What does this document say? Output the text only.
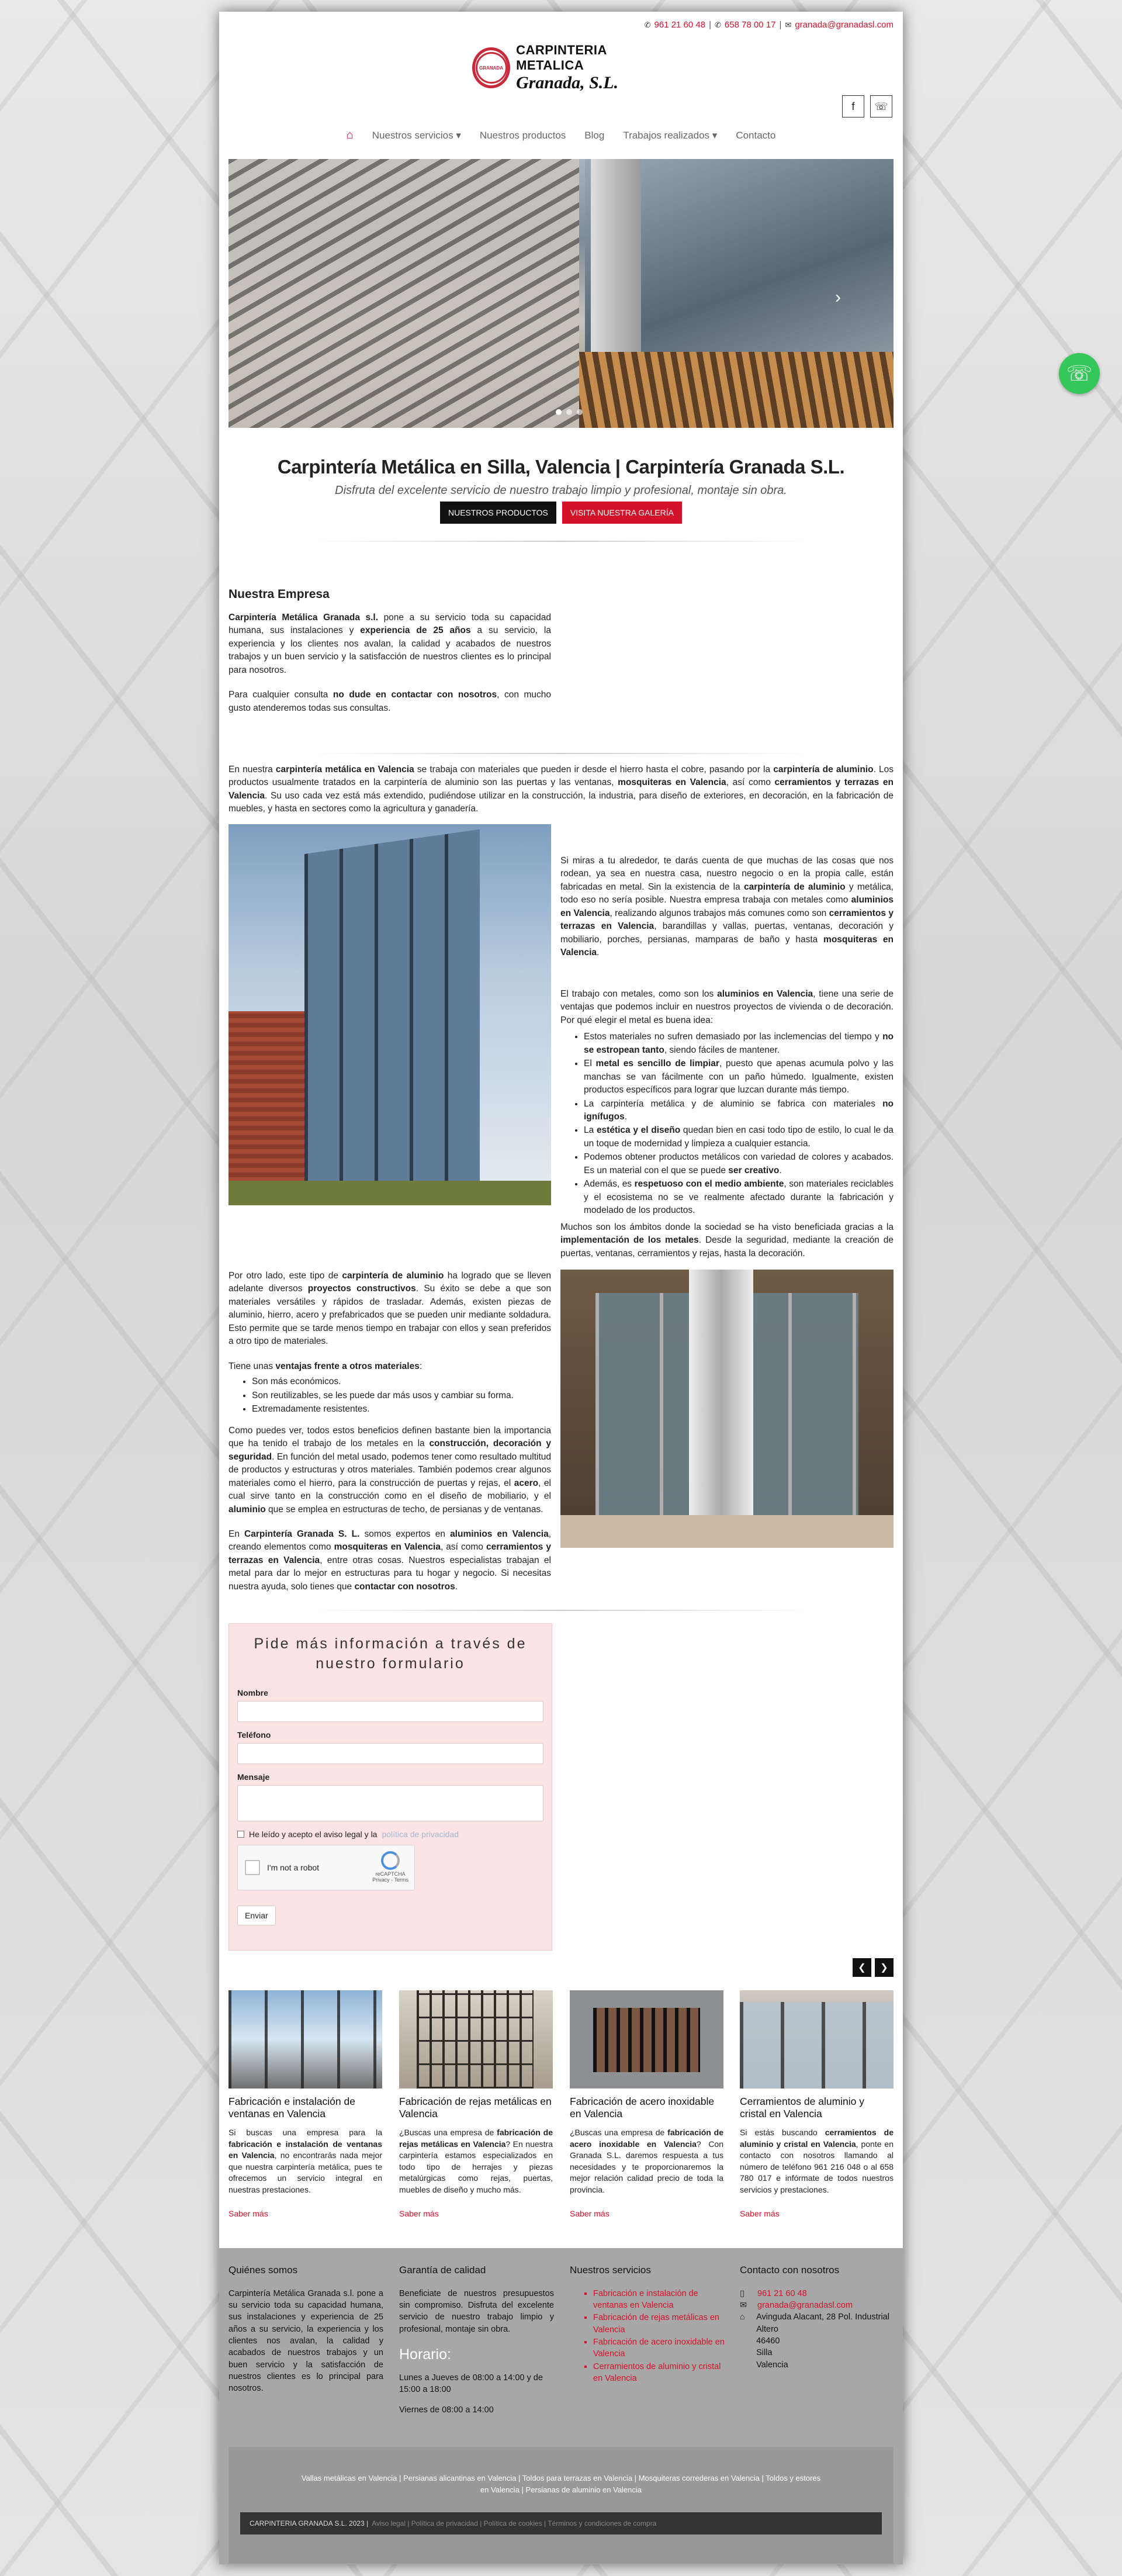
✆ 961 21 60 48 | ✆ 658 78 00 17 | ✉ granada@granadasl.com
GRANADA
CARPINTERIA METALICA
Granada, S.L.
f	☏
⌂ Nuestros servicios ▾ Nuestros productos Blog Trabajos realizados ▾ Contacto
›
Carpintería Metálica en Silla, Valencia | Carpintería Granada S.L.
Disfruta del excelente servicio de nuestro trabajo limpio y profesional, montaje sin obra.
NUESTROS PRODUCTOS	VISITA NUESTRA GALERÍA
Nuestra Empresa

Carpintería Metálica Granada s.l. pone a su servicio toda su capacidad humana, sus instalaciones y experiencia de 25 años a su servicio, la experiencia y los clientes nos avalan, la calidad y acabados de nuestros trabajos y un buen servicio y la satisfacción de nuestros clientes es lo principal para nosotros.

Para cualquier consulta no dude en contactar con nosotros, con mucho gusto atenderemos todas sus consultas.

En nuestra carpintería metálica en Valencia se trabaja con materiales que pueden ir desde el hierro hasta el cobre, pasando por la carpintería de aluminio. Los productos usualmente tratados en la carpintería de aluminio son las puertas y las ventanas, mosquiteras en Valencia, así como cerramientos y terrazas en Valencia. Su uso cada vez está más extendido, pudiéndose utilizar en la construcción, la industria, para diseño de exteriores, en decoración, en la fabricación de muebles, y hasta en sectores como la agricultura y ganadería.

Si miras a tu alrededor, te darás cuenta de que muchas de las cosas que nos rodean, ya sea en nuestra casa, nuestro negocio o en la propia calle, están fabricadas en metal. Sin la existencia de la carpintería de aluminio y metálica, todo eso no sería posible. Nuestra empresa trabaja con metales como aluminios en Valencia, realizando algunos trabajos más comunes como son cerramientos y terrazas en Valencia, barandillas y vallas, puertas, ventanas, decoración y mobiliario, porches, persianas, mamparas de baño y hasta mosquiteras en Valencia.

El trabajo con metales, como son los aluminios en Valencia, tiene una serie de ventajas que podemos incluir en nuestros proyectos de vivienda o de decoración. Por qué elegir el metal es buena idea:

• Estos materiales no sufren demasiado por las inclemencias del tiempo y no se estropean tanto, siendo fáciles de mantener.
• El metal es sencillo de limpiar, puesto que apenas acumula polvo y las manchas se van fácilmente con un paño húmedo. Igualmente, existen productos específicos para lograr que luzcan durante más tiempo.
• La carpintería metálica y de aluminio se fabrica con materiales no ignífugos.
• La estética y el diseño quedan bien en casi todo tipo de estilo, lo cual le da un toque de modernidad y limpieza a cualquier estancia.
• Podemos obtener productos metálicos con variedad de colores y acabados. Es un material con el que se puede ser creativo.
• Además, es respetuoso con el medio ambiente, son materiales reciclables y el ecosistema no se ve realmente afectado durante la fabricación y modelado de los productos.

Muchos son los ámbitos donde la sociedad se ha visto beneficiada gracias a la implementación de los metales. Desde la seguridad, mediante la creación de puertas, ventanas, cerramientos y rejas, hasta la decoración.

Por otro lado, este tipo de carpintería de aluminio ha logrado que se lleven adelante diversos proyectos constructivos. Su éxito se debe a que son materiales versátiles y rápidos de trasladar. Además, existen piezas de aluminio, hierro, acero y prefabricados que se pueden unir mediante soldadura. Esto permite que se tarde menos tiempo en trabajar con ellos y sean preferidos a otro tipo de materiales.

Tiene unas ventajas frente a otros materiales:

• Son más económicos.
• Son reutilizables, se les puede dar más usos y cambiar su forma.
• Extremadamente resistentes.

Como puedes ver, todos estos beneficios definen bastante bien la importancia que ha tenido el trabajo de los metales en la construcción, decoración y seguridad. En función del metal usado, podemos tener como resultado multitud de productos y estructuras y otros materiales. También podemos crear algunos materiales como el hierro, para la construcción de puertas y rejas, el acero, el cual sirve tanto en la construcción como en el diseño de mobiliario, y el aluminio que se emplea en estructuras de techo, de persianas y de ventanas.

En Carpintería Granada S. L. somos expertos en aluminios en Valencia, creando elementos como mosquiteras en Valencia, así como cerramientos y terrazas en Valencia, entre otras cosas. Nuestros especialistas trabajan el metal para dar lo mejor en estructuras para tu hogar y negocio. Si necesitas nuestra ayuda, solo tienes que contactar con nosotros.

Pide más información a través de nuestro formulario
Nombre
Teléfono
Mensaje
He leído y acepto el aviso legal y la política de privacidad
I'm not a robot
reCAPTCHA
Privacy - Terms
Enviar
❮	❯
Fabricación e instalación de ventanas en Valencia

Si buscas una empresa para la fabricación e instalación de ventanas en Valencia, no encontrarás nada mejor que nuestra carpintería metálica, pues te ofrecemos un servicio integral en nuestras prestaciones.

Saber más
Fabricación de rejas metálicas en Valencia

¿Buscas una empresa de fabricación de rejas metálicas en Valencia? En nuestra carpintería estamos especializados en todo tipo de herrajes y piezas metalúrgicas como rejas, puertas, muebles de diseño y mucho más.

Saber más
Fabricación de acero inoxidable en Valencia

¿Buscas una empresa de fabricación de acero inoxidable en Valencia? Con Granada S.L. daremos respuesta a tus necesidades y te proporcionaremos la mejor relación calidad precio de toda la provincia.

Saber más
Cerramientos de aluminio y cristal en Valencia

Si estás buscando cerramientos de aluminio y cristal en Valencia, ponte en contacto con nosotros llamando al número de teléfono 961 216 048 o al 658 780 017 e infórmate de todos nuestros servicios y prestaciones.

Saber más
Quiénes somos
Carpintería Metálica Granada s.l. pone a su servicio toda su capacidad humana, sus instalaciones y experiencia de 25 años a su servicio, la experiencia y los clientes nos avalan, la calidad y acabados de nuestros trabajos y un buen servicio y la satisfacción de nuestros clientes es lo principal para nosotros.
Garantía de calidad
Beneficiate de nuestros presupuestos sin compromiso. Disfruta del excelente servicio de nuestro trabajo limpio y profesional, montaje sin obra.
Horario:
Lunes a Jueves de 08:00 a 14:00 y de 15:00 a 18:00
Viernes de 08:00 a 14:00
Nuestros servicios
▪ Fabricación e instalación de ventanas en Valencia
▪ Fabricación de rejas metálicas en Valencia
▪ Fabricación de acero inoxidable en Valencia
▪ Cerramientos de aluminio y cristal en Valencia
Contacto con nosotros
▯	961 21 60 48
✉ granada@granadasl.com
⌂	Avinguda Alacant, 28 Pol. Industrial Altero
46460
Silla
Valencia
Vallas metálicas en Valencia | Persianas alicantinas en Valencia | Toldos para terrazas en Valencia | Mosquiteras correderas en Valencia | Toldos y estores en Valencia | Persianas de aluminio en Valencia
CARPINTERIA GRANADA S.L. 2023 | Aviso legal | Política de privacidad | Política de cookies | Términos y condiciones de compra
☏
